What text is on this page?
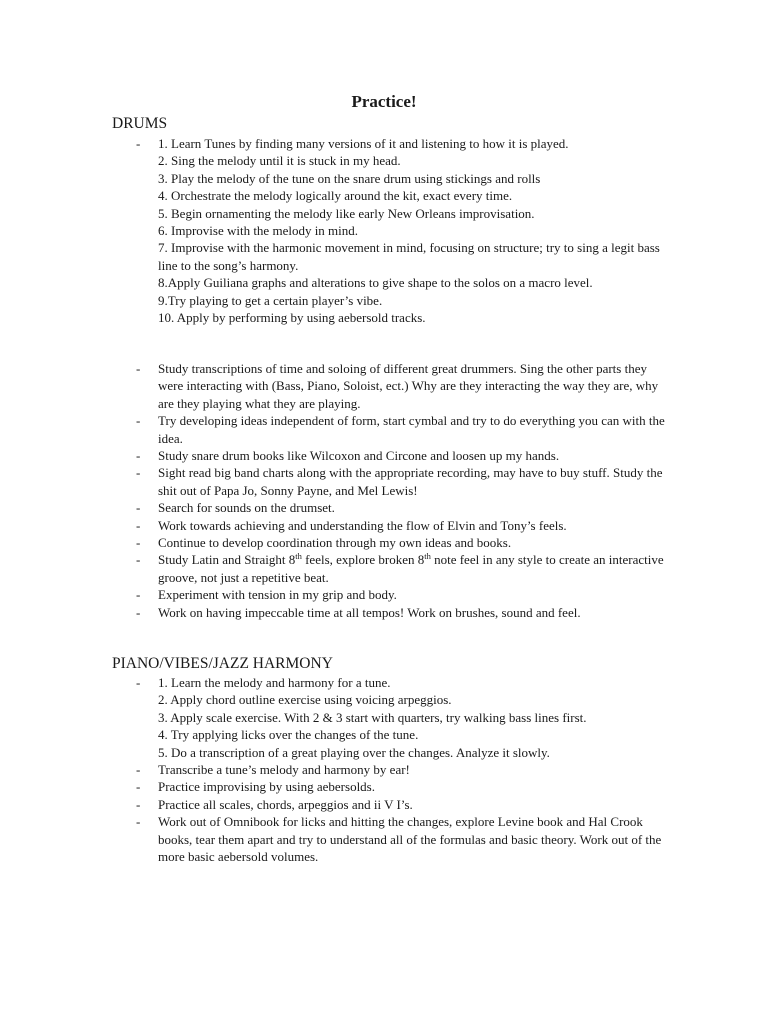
Practice!
DRUMS
- 1. Learn Tunes by finding many versions of it and listening to how it is played.
2. Sing the melody until it is stuck in my head.
3. Play the melody of the tune on the snare drum using stickings and rolls
4. Orchestrate the melody logically around the kit, exact every time.
5. Begin ornamenting the melody like early New Orleans improvisation.
6. Improvise with the melody in mind.
7. Improvise with the harmonic movement in mind, focusing on structure; try to sing a legit bass line to the song’s harmony.
8.Apply Guiliana graphs and alterations to give shape to the solos on a macro level.
9.Try playing to get a certain player’s vibe.
10. Apply by performing by using aebersold tracks.
- Study transcriptions of time and soloing of different great drummers. Sing the other parts they were interacting with (Bass, Piano, Soloist, ect.) Why are they interacting the way they are, why are they playing what they are playing.
- Try developing ideas independent of form, start cymbal and try to do everything you can with the idea.
- Study snare drum books like Wilcoxon and Circone and loosen up my hands.
- Sight read big band charts along with the appropriate recording, may have to buy stuff. Study the shit out of Papa Jo, Sonny Payne, and Mel Lewis!
- Search for sounds on the drumset.
- Work towards achieving and understanding the flow of Elvin and Tony’s feels.
- Continue to develop coordination through my own ideas and books.
- Study Latin and Straight 8th feels, explore broken 8th note feel in any style to create an interactive groove, not just a repetitive beat.
- Experiment with tension in my grip and body.
- Work on having impeccable time at all tempos! Work on brushes, sound and feel.
PIANO/VIBES/JAZZ HARMONY
- 1. Learn the melody and harmony for a tune.
2. Apply chord outline exercise using voicing arpeggios.
3. Apply scale exercise. With 2 & 3 start with quarters, try walking bass lines first.
4. Try applying licks over the changes of the tune.
5. Do a transcription of a great playing over the changes. Analyze it slowly.
- Transcribe a tune’s melody and harmony by ear!
- Practice improvising by using aebersolds.
- Practice all scales, chords, arpeggios and ii V I’s.
- Work out of Omnibook for licks and hitting the changes, explore Levine book and Hal Crook books, tear them apart and try to understand all of the formulas and basic theory. Work out of the more basic aebersold volumes.
